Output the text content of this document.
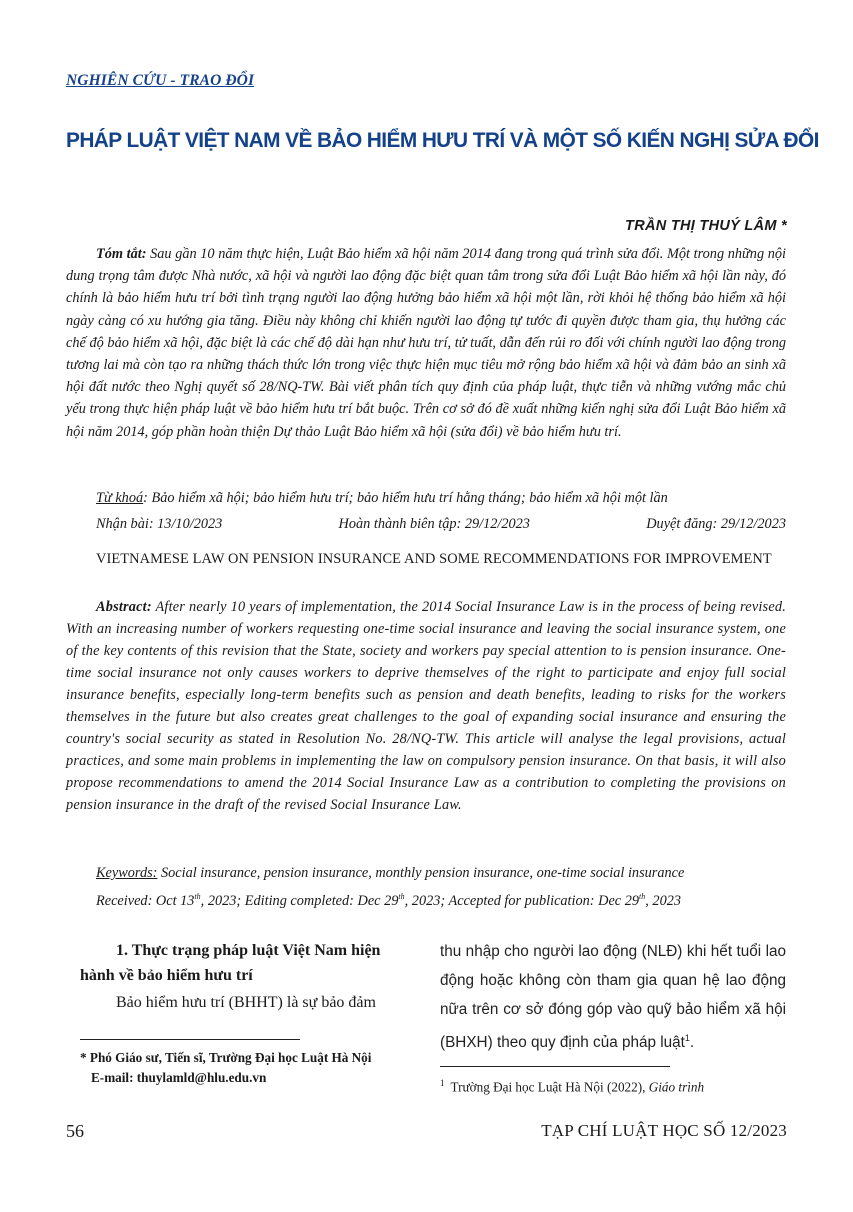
NGHIÊN CỨU - TRAO ĐỔI
PHÁP LUẬT VIỆT NAM VỀ BẢO HIỂM HƯU TRÍ VÀ MỘT SỐ KIẾN NGHỊ SỬA ĐỔI
TRẦN THỊ THUÝ LÂM *

Tóm tắt: Sau gần 10 năm thực hiện, Luật Bảo hiểm xã hội năm 2014 đang trong quá trình sửa đổi. Một trong những nội dung trọng tâm được Nhà nước, xã hội và người lao động đặc biệt quan tâm trong sửa đổi Luật Bảo hiểm xã hội lần này, đó chính là bảo hiểm hưu trí bởi tình trạng người lao động hưởng bảo hiểm xã hội một lần, rời khỏi hệ thống bảo hiểm xã hội ngày càng có xu hướng gia tăng. Điều này không chỉ khiến người lao động tự tước đi quyền được tham gia, thụ hưởng các chế độ bảo hiểm xã hội, đặc biệt là các chế độ dài hạn như hưu trí, tử tuất, dẫn đến rủi ro đối với chính người lao động trong tương lai mà còn tạo ra những thách thức lớn trong việc thực hiện mục tiêu mở rộng bảo hiểm xã hội và đảm bảo an sinh xã hội đất nước theo Nghị quyết số 28/NQ-TW. Bài viết phân tích quy định của pháp luật, thực tiễn và những vướng mắc chủ yếu trong thực hiện pháp luật về bảo hiểm hưu trí bắt buộc. Trên cơ sở đó đề xuất những kiến nghị sửa đổi Luật Bảo hiểm xã hội năm 2014, góp phần hoàn thiện Dự thảo Luật Bảo hiểm xã hội (sửa đổi) về bảo hiểm hưu trí.

Từ khoá: Bảo hiểm xã hội; bảo hiểm hưu trí; bảo hiểm hưu trí hằng tháng; bảo hiểm xã hội một lần
Nhận bài: 13/10/2023	Hoàn thành biên tập: 29/12/2023	Duyệt đăng: 29/12/2023
VIETNAMESE LAW ON PENSION INSURANCE AND SOME RECOMMENDATIONS FOR IMPROVEMENT

Abstract: After nearly 10 years of implementation, the 2014 Social Insurance Law is in the process of being revised. With an increasing number of workers requesting one-time social insurance and leaving the social insurance system, one of the key contents of this revision that the State, society and workers pay special attention to is pension insurance. One-time social insurance not only causes workers to deprive themselves of the right to participate and enjoy full social insurance benefits, especially long-term benefits such as pension and death benefits, leading to risks for the workers themselves in the future but also creates great challenges to the goal of expanding social insurance and ensuring the country's social security as stated in Resolution No. 28/NQ-TW. This article will analyse the legal provisions, actual practices, and some main problems in implementing the law on compulsory pension insurance. On that basis, it will also propose recommendations to amend the 2014 Social Insurance Law as a contribution to completing the provisions on pension insurance in the draft of the revised Social Insurance Law.

Keywords: Social insurance, pension insurance, monthly pension insurance, one-time social insurance
Received: Oct 13th, 2023; Editing completed: Dec 29th, 2023; Accepted for publication: Dec 29th, 2023
1. Thực trạng pháp luật Việt Nam hiện hành về bảo hiểm hưu trí

Bảo hiểm hưu trí (BHHT) là sự bảo đảm

* Phó Giáo sư, Tiến sĩ, Trường Đại học Luật Hà Nội
E-mail: thuylamld@hlu.edu.vn

thu nhập cho người lao động (NLĐ) khi hết tuổi lao động hoặc không còn tham gia quan hệ lao động nữa trên cơ sở đóng góp vào quỹ bảo hiểm xã hội (BHXH) theo quy định của pháp luật$^1$.

$^1$ Trường Đại học Luật Hà Nội (2022), Giáo trình
56	TẠP CHÍ LUẬT HỌC SỐ 12/2023
